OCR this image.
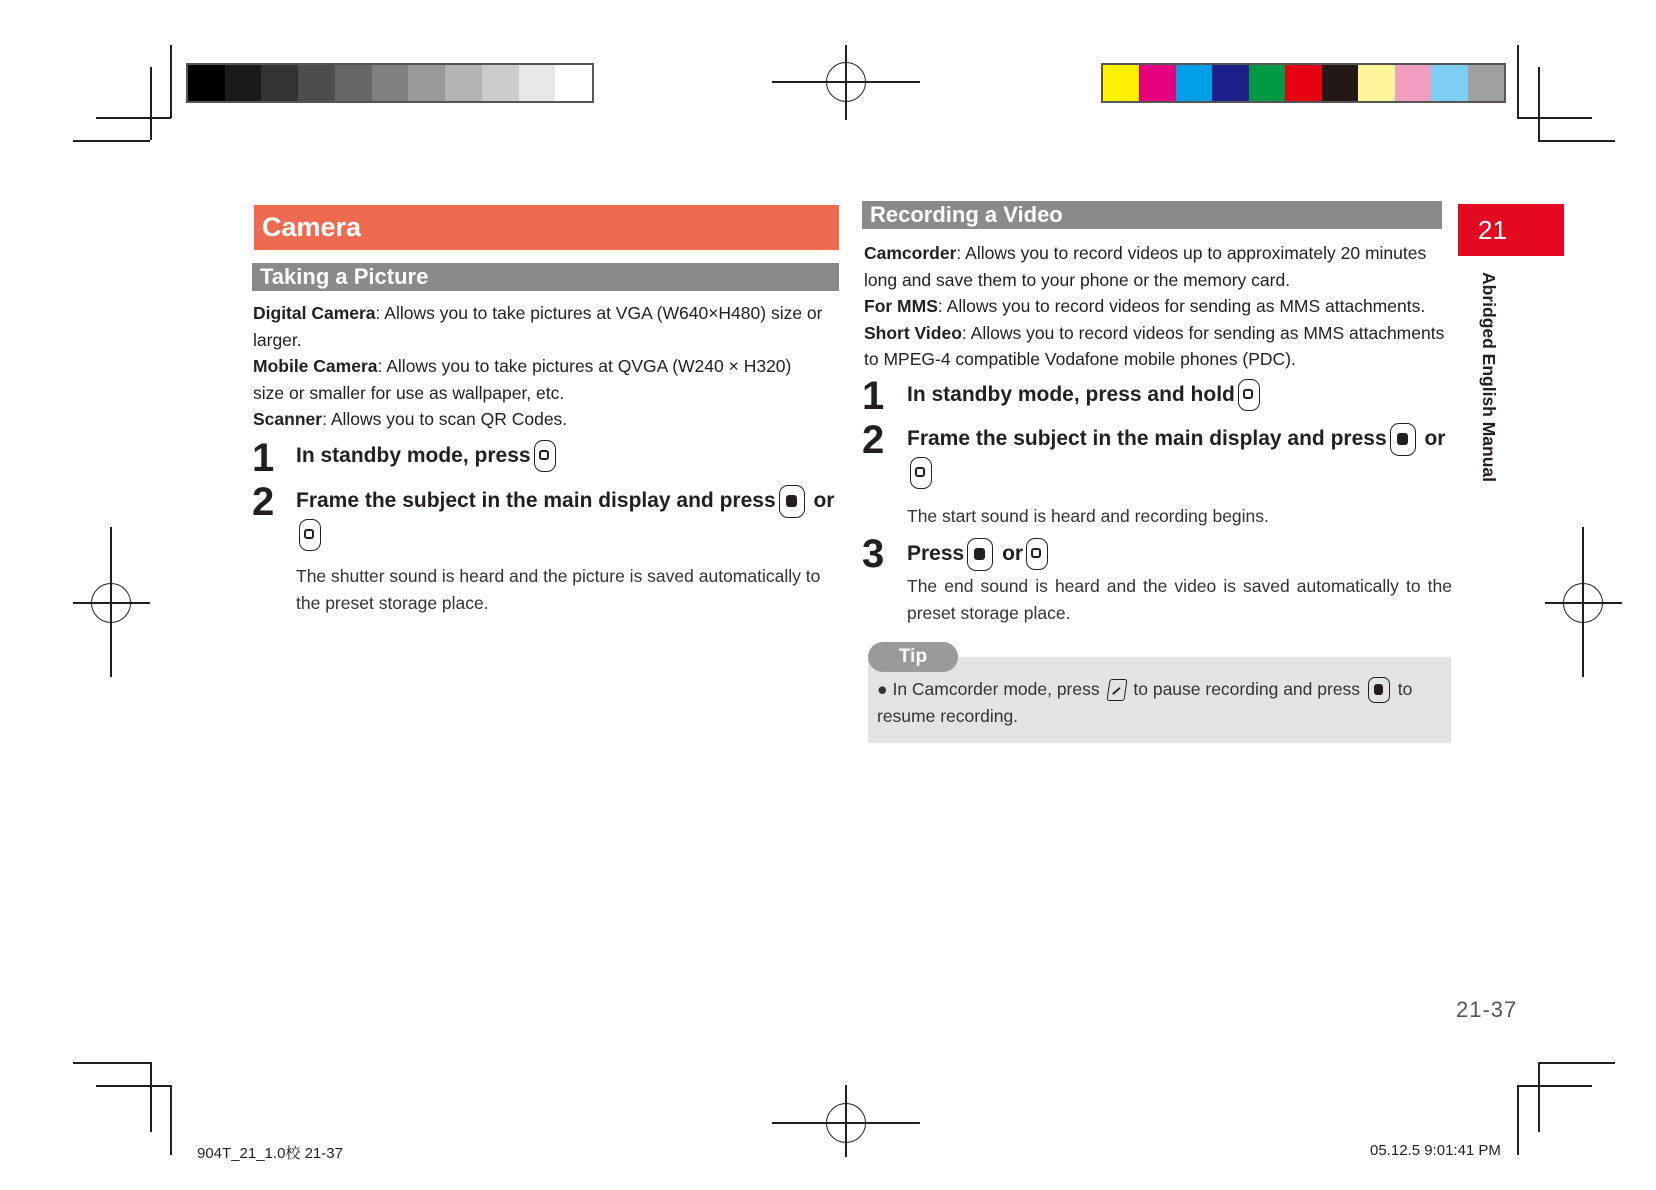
Camera
Taking a Picture
Digital Camera: Allows you to take pictures at VGA (W640×H480) size or larger.
Mobile Camera: Allows you to take pictures at QVGA (W240 × H320) size or smaller for use as wallpaper, etc.
Scanner: Allows you to scan QR Codes.
1 In standby mode, press
2 Frame the subject in the main display and press or

The shutter sound is heard and the picture is saved automatically to the preset storage place.
Recording a Video
Camcorder: Allows you to record videos up to approximately 20 minutes long and save them to your phone or the memory card.
For MMS: Allows you to record videos for sending as MMS attachments.
Short Video: Allows you to record videos for sending as MMS attachments to MPEG-4 compatible Vodafone mobile phones (PDC).
1 In standby mode, press and hold
2 Frame the subject in the main display and press or

The start sound is heard and recording begins.
3 Press or
The end sound is heard and the video is saved automatically to the preset storage place.
Tip
● In Camcorder mode, press to pause recording and press to resume recording.
21
Abridged English Manual
21-37
904T_21_1.0校 21-37	05.12.5 9:01:41 PM
